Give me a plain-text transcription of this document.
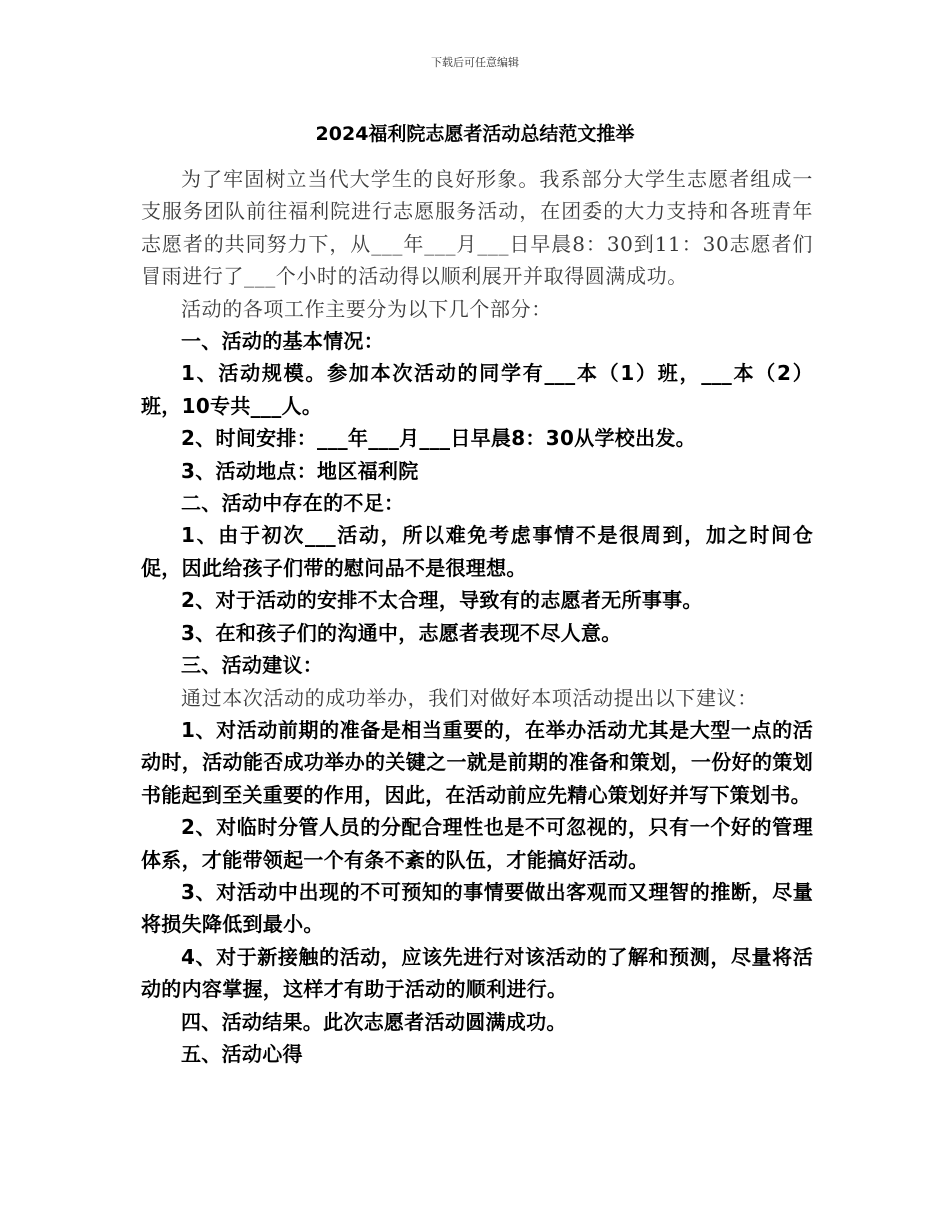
下载后可任意编辑
2024福利院志愿者活动总结范文推举

为了牢固树立当代大学生的良好形象。我系部分大学生志愿者组成一支服务团队前往福利院进行志愿服务活动，在团委的大力支持和各班青年志愿者的共同努力下，从___年___月___日早晨8：30到11：30志愿者们冒雨进行了___个小时的活动得以顺利展开并取得圆满成功。

活动的各项工作主要分为以下几个部分：

一、活动的基本情况：

1、活动规模。参加本次活动的同学有___本（1）班，___本（2）班，10专共___人。

2、时间安排：___年___月___日早晨8：30从学校出发。

3、活动地点：地区福利院

二、活动中存在的不足：

1、由于初次___活动，所以难免考虑事情不是很周到，加之时间仓促，因此给孩子们带的慰问品不是很理想。

2、对于活动的安排不太合理，导致有的志愿者无所事事。

3、在和孩子们的沟通中，志愿者表现不尽人意。

三、活动建议：

通过本次活动的成功举办，我们对做好本项活动提出以下建议：

1、对活动前期的准备是相当重要的，在举办活动尤其是大型一点的活动时，活动能否成功举办的关键之一就是前期的准备和策划，一份好的策划书能起到至关重要的作用，因此，在活动前应先精心策划好并写下策划书。

2、对临时分管人员的分配合理性也是不可忽视的，只有一个好的管理体系，才能带领起一个有条不紊的队伍，才能搞好活动。

3、对活动中出现的不可预知的事情要做出客观而又理智的推断，尽量将损失降低到最小。

4、对于新接触的活动，应该先进行对该活动的了解和预测，尽量将活动的内容掌握，这样才有助于活动的顺利进行。

四、活动结果。此次志愿者活动圆满成功。

五、活动心得
